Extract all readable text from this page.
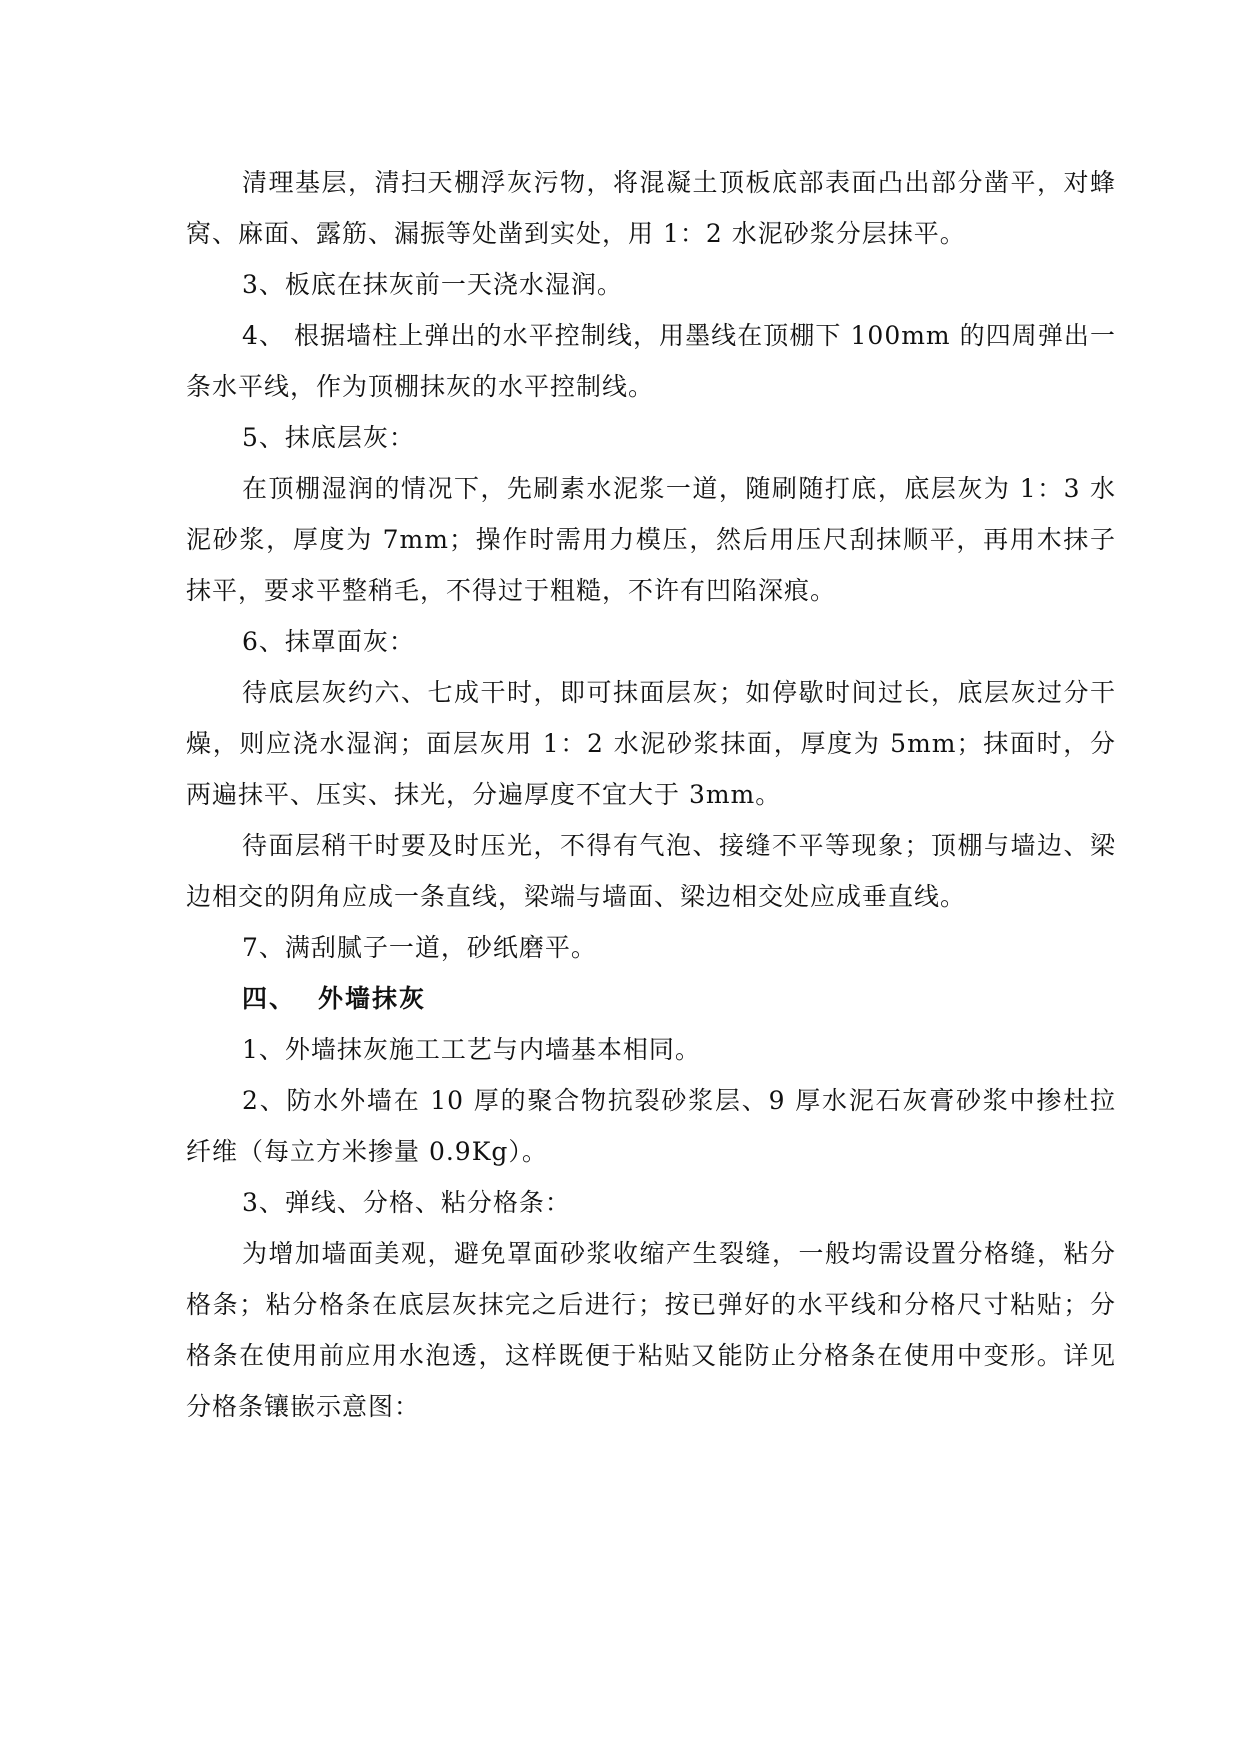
清理基层，清扫天棚浮灰污物，将混凝土顶板底部表面凸出部分凿平，对蜂窝、麻面、露筋、漏振等处凿到实处，用 1：2 水泥砂浆分层抹平。

3、板底在抹灰前一天浇水湿润。

4、 根据墙柱上弹出的水平控制线，用墨线在顶棚下 100mm 的四周弹出一条水平线，作为顶棚抹灰的水平控制线。

5、抹底层灰：

在顶棚湿润的情况下，先刷素水泥浆一道，随刷随打底，底层灰为 1：3 水泥砂浆，厚度为 7mm；操作时需用力模压，然后用压尺刮抹顺平，再用木抹子抹平，要求平整稍毛，不得过于粗糙，不许有凹陷深痕。

6、抹罩面灰：

待底层灰约六、七成干时，即可抹面层灰；如停歇时间过长，底层灰过分干燥，则应浇水湿润；面层灰用 1：2 水泥砂浆抹面，厚度为 5mm；抹面时，分两遍抹平、压实、抹光，分遍厚度不宜大于 3mm。

待面层稍干时要及时压光，不得有气泡、接缝不平等现象；顶棚与墙边、梁边相交的阴角应成一条直线，梁端与墙面、梁边相交处应成垂直线。

7、满刮腻子一道，砂纸磨平。

四、 外墙抹灰

1、外墙抹灰施工工艺与内墙基本相同。

2、防水外墙在 10 厚的聚合物抗裂砂浆层、9 厚水泥石灰膏砂浆中掺杜拉纤维（每立方米掺量 0.9Kg）。

3、弹线、分格、粘分格条：

为增加墙面美观，避免罩面砂浆收缩产生裂缝，一般均需设置分格缝，粘分格条；粘分格条在底层灰抹完之后进行；按已弹好的水平线和分格尺寸粘贴；分格条在使用前应用水泡透，这样既便于粘贴又能防止分格条在使用中变形。详见分格条镶嵌示意图：
